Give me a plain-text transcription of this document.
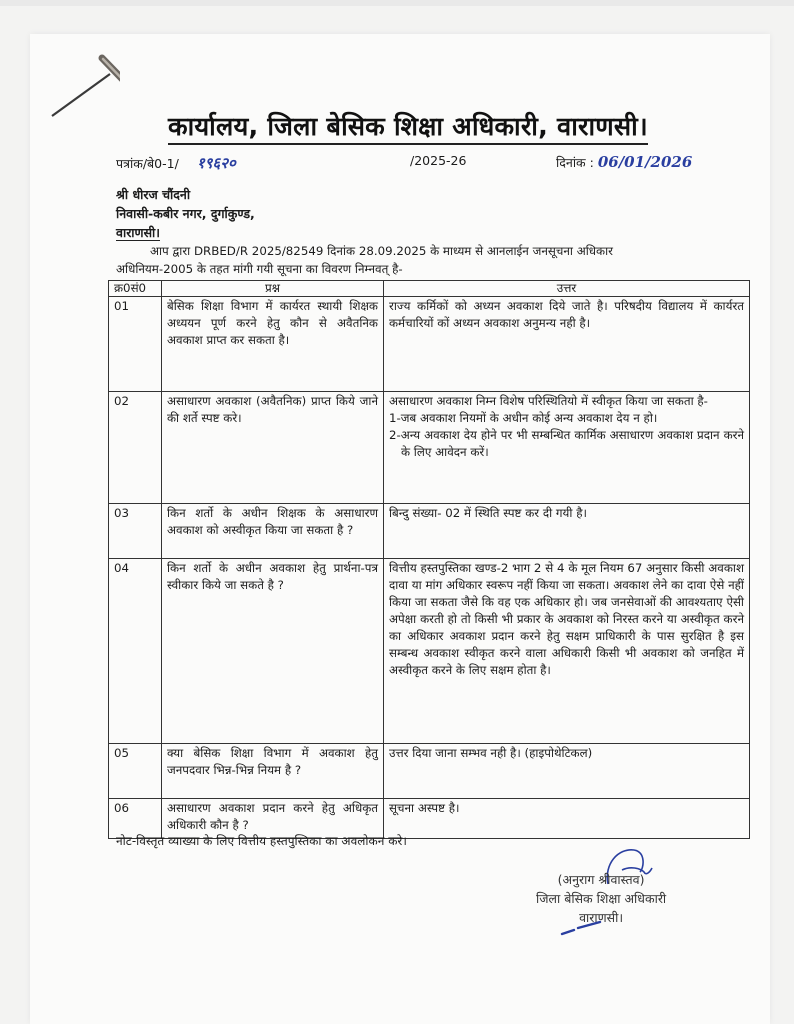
कार्यालय, जिला बेसिक शिक्षा अधिकारी, वाराणसी।
पत्रांक/बे0-1/ १९६२०	/2025-26	दिनांक : 06/01/2026
श्री धीरज चौंदनी
निवासी-कबीर नगर, दुर्गाकुण्ड,
वाराणसी।
आप द्वारा DRBED/R 2025/82549 दिनांक 28.09.2025 के माध्यम से आनलाईन जनसूचना अधिकार
अधिनियम-2005 के तहत मांगी गयी सूचना का विवरण निम्नवत् है-
क्र0सं0	प्रश्न	उत्तर
01	बेसिक शिक्षा विभाग में कार्यरत स्थायी शिक्षक अध्ययन पूर्ण करने हेतु कौन से अवैतनिक अवकाश प्राप्त कर सकता है।	राज्य कर्मिकों को अध्यन अवकाश दिये जाते है। परिषदीय विद्यालय में कार्यरत कर्मचारियों कों अध्यन अवकाश अनुमन्य नही है।

02	असाधारण अवकाश (अवैतनिक) प्राप्त किये जाने की शर्ते स्पष्ट करे।	असाधारण अवकाश निम्न विशेष परिस्थितियो में स्वीकृत किया जा सकता है-
1-जब अवकाश नियमों के अधीन कोई अन्य अवकाश देय न हो।
2-अन्य अवकाश देय होने पर भी सम्बन्धित कार्मिक असाधारण अवकाश प्रदान करने के लिए आवेदन करें।

03	किन शर्तो के अधीन शिक्षक के असाधारण अवकाश को अस्वीकृत किया जा सकता है ?	बिन्दु संख्या- 02 में स्थिति स्पष्ट कर दी गयी है।

04	किन शर्तो के अधीन अवकाश हेतु प्रार्थना-पत्र स्वीकार किये जा सकते है ?	वित्तीय हस्तपुस्तिका खण्ड-2 भाग 2 से 4 के मूल नियम 67 अनुसार किसी अवकाश दावा या मांग अधिकार स्वरूप नहीं किया जा सकता। अवकाश लेने का दावा ऐसे नहीं किया जा सकता जैसे कि वह एक अधिकार हो। जब जनसेवाओं की आवश्यताए ऐसी अपेक्षा करती हो तो किसी भी प्रकार के अवकाश को निरस्त करने या अस्वीकृत करने का अधिकार अवकाश प्रदान करने हेतु सक्षम प्राधिकारी के पास सुरक्षित है इस सम्बन्ध अवकाश स्वीकृत करने वाला अधिकारी किसी भी अवकाश को जनहित में अस्वीकृत करने के लिए सक्षम होता है।

05	क्या बेसिक शिक्षा विभाग में अवकाश हेतु जनपदवार भिन्न-भिन्न नियम है ?	उत्तर दिया जाना सम्भव नही है। (हाइपोथेटिकल)

06	असाधारण अवकाश प्रदान करने हेतु अधिकृत अधिकारी कौन है ?	सूचना अस्पष्ट है।
नोट-विस्तृत व्याख्या के लिए वित्तीय हस्तपुस्तिका का अवलोकन करे।
(अनुराग श्रीवास्तव)
जिला बेसिक शिक्षा अधिकारी
वाराणसी।
